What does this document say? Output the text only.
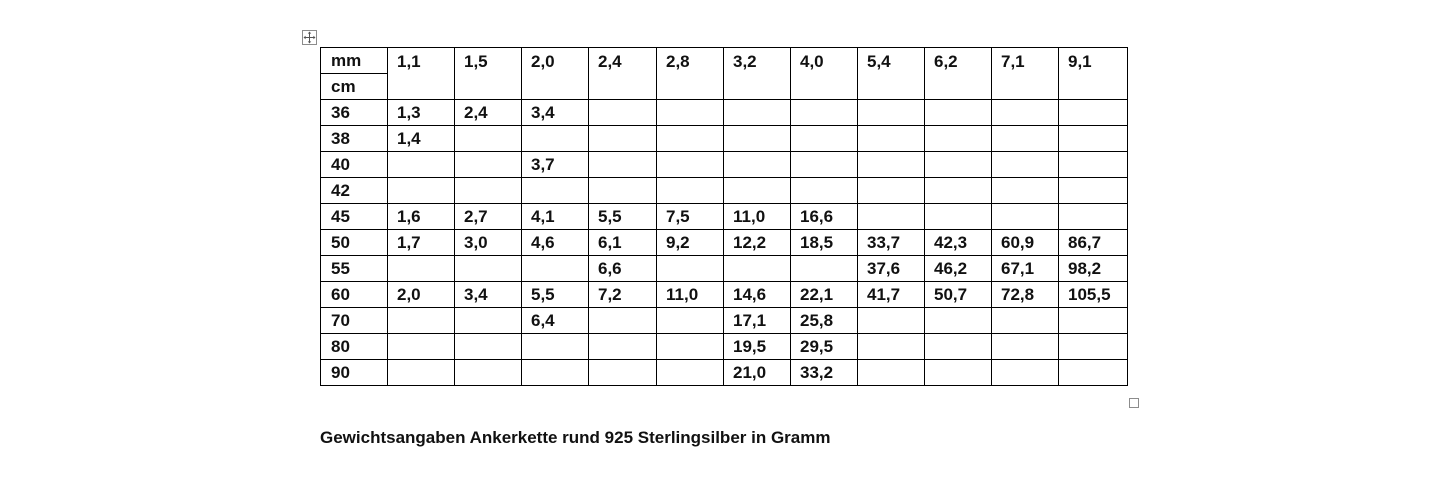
mm	1,1	1,5	2,0	2,4	2,8	3,2	4,0	5,4	6,2	7,1	9,1
cm											
36	1,3	2,4	3,4								
38	1,4										
40			3,7								
42											
45	1,6	2,7	4,1	5,5	7,5	11,0	16,6				
50	1,7	3,0	4,6	6,1	9,2	12,2	18,5	33,7	42,3	60,9	86,7
55				6,6				37,6	46,2	67,1	98,2
60	2,0	3,4	5,5	7,2	11,0	14,6	22,1	41,7	50,7	72,8	105,5
70			6,4			17,1	25,8				
80						19,5	29,5				
90						21,0	33,2				
Gewichtsangaben Ankerkette rund 925 Sterlingsilber in Gramm
